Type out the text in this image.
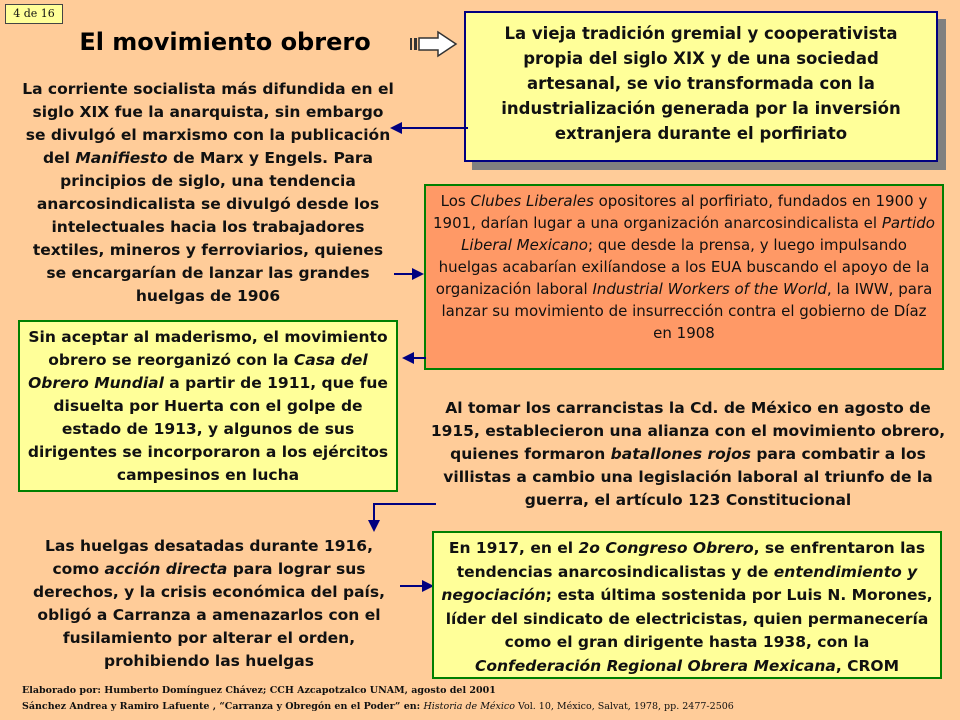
4 de 16
El movimiento obrero	La vieja tradición gremial y cooperativista propia del siglo XIX y de una sociedad artesanal, se vio transformada con la industrialización generada por la inversión extranjera durante el porfiriato
La corriente socialista más difundida en el siglo XIX fue la anarquista, sin embargo se divulgó el marxismo con la publicación del Manifiesto de Marx y Engels. Para principios de siglo, una tendencia anarcosindicalista se divulgó desde los intelectuales hacia los trabajadores textiles, mineros y ferroviarios, quienes se encargarían de lanzar las grandes huelgas de 1906
Los Clubes Liberales opositores al porfiriato, fundados en 1900 y 1901, darían lugar a una organización anarcosindicalista el Partido Liberal Mexicano; que desde la prensa, y luego impulsando huelgas acabarían exilíandose a los EUA buscando el apoyo de la organización laboral Industrial Workers of the World, la IWW, para lanzar su movimiento de insurrección contra el gobierno de Díaz en 1908
Sin aceptar al maderismo, el movimiento obrero se reorganizó con la Casa del Obrero Mundial a partir de 1911, que fue disuelta por Huerta con el golpe de estado de 1913, y algunos de sus dirigentes se incorporaron a los ejércitos campesinos en lucha
Al tomar los carrancistas la Cd. de México en agosto de 1915, establecieron una alianza con el movimiento obrero, quienes formaron batallones rojos para combatir a los villistas a cambio una legislación laboral al triunfo de la guerra, el artículo 123 Constitucional
Las huelgas desatadas durante 1916, como acción directa para lograr sus derechos, y la crisis económica del país, obligó a Carranza a amenazarlos con el fusilamiento por alterar el orden, prohibiendo las huelgas
En 1917, en el 2o Congreso Obrero, se enfrentaron las tendencias anarcosindicalistas y de entendimiento y negociación; esta última sostenida por Luis N. Morones, líder del sindicato de electricistas, quien permanecería como el gran dirigente hasta 1938, con la Confederación Regional Obrera Mexicana, CROM
Elaborado por: Humberto Domínguez Chávez; CCH Azcapotzalco UNAM, agosto del 2001
Sánchez Andrea y Ramiro Lafuente , “Carranza y Obregón en el Poder” en: Historia de México Vol. 10, México, Salvat, 1978, pp. 2477-2506
